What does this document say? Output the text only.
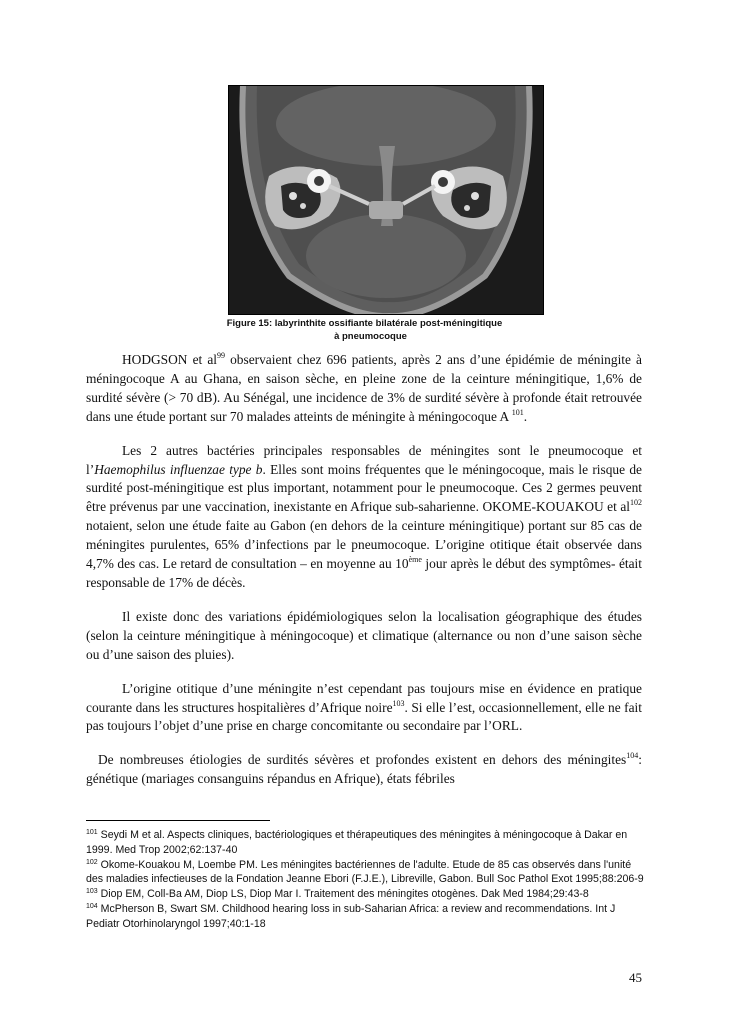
Figure 15: labyrinthite ossifiante bilatérale post-méningitique
à pneumocoque

HODGSON et $al^{99}$ observaient chez 696 patients, après 2 ans d’une épidémie de méningite à méningocoque A au Ghana, en saison sèche, en pleine zone de la ceinture méningitique, 1,6% de surdité sévère (> 70 dB). Au Sénégal, une incidence de 3% de surdité sévère à profonde était retrouvée dans une étude portant sur 70 malades atteints de méningite à méningocoque A $^{101}$.

Les 2 autres bactéries principales responsables de méningites sont le pneumocoque et l’Haemophilus influenzae type b. Elles sont moins fréquentes que le méningocoque, mais le risque de surdité post-méningitique est plus important, notamment pour le pneumocoque. Ces 2 germes peuvent être prévenus par une vaccination, inexistante en Afrique sub-saharienne. OKOME-KOUAKOU et $al^{102}$ notaient, selon une étude faite au Gabon (en dehors de la ceinture méningitique) portant sur 85 cas de méningites purulentes, 65% d’infections par le pneumocoque. L’origine otitique était observée dans 4,7% des cas. Le retard de consultation – en moyenne au 10ème jour après le début des symptômes- était responsable de 17% de décès.

Il existe donc des variations épidémiologiques selon la localisation géographique des études (selon la ceinture méningitique à méningocoque) et climatique (alternance ou non d’une saison sèche ou d’une saison des pluies).

L’origine otitique d’une méningite n’est cependant pas toujours mise en évidence en pratique courante dans les structures hospitalières d’Afrique noire$^{103}$. Si elle l’est, occasionnellement, elle ne fait pas toujours l’objet d’une prise en charge concomitante ou secondaire par l’ORL.

De nombreuses étiologies de surdités sévères et profondes existent en dehors des méningites$^{104}$: génétique (mariages consanguins répandus en Afrique), états fébriles

$^{101}$ Seydi M et al. Aspects cliniques, bactériologiques et thérapeutiques des méningites à méningocoque à Dakar en 1999. Med Trop 2002;62:137-40

$^{102}$ Okome-Kouakou M, Loembe PM. Les méningites bactériennes de l'adulte. Etude de 85 cas observés dans l'unité des maladies infectieuses de la Fondation Jeanne Ebori (F.J.E.), Libreville, Gabon. Bull Soc Pathol Exot 1995;88:206-9

$^{103}$ Diop EM, Coll-Ba AM, Diop LS, Diop Mar I. Traitement des méningites otogènes. Dak Med 1984;29:43-8

$^{104}$ McPherson B, Swart SM. Childhood hearing loss in sub-Saharian Africa: a review and recommendations. Int J Pediatr Otorhinolaryngol 1997;40:1-18

45
